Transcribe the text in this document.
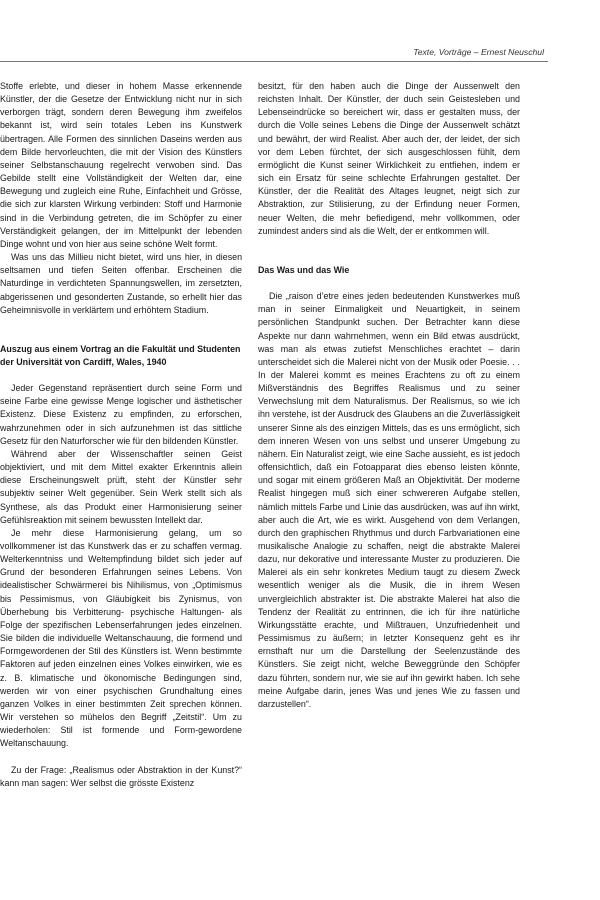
Texte, Vorträge – Ernest Neuschul

Stoffe erlebte, und dieser in hohem Masse erkennende Künstler, der die Gesetze der Entwicklung nicht nur in sich verborgen trägt, sondern deren Bewegung ihm zweifelos bekannt ist, wird sein totales Leben ins Kunstwerk übertragen. Alle Formen des sinnlichen Daseins werden aus dem Bilde hervorleuchten, die mit der Vision des Künstlers seiner Selbstanschauung regelrecht verwoben sind. Das Gebilde stellt eine Vollständigkeit der Welten dar, eine Bewegung und zugleich eine Ruhe, Einfachheit und Grösse, die sich zur klarsten Wirkung verbinden: Stoff und Harmonie sind in die Verbindung getreten, die im Schöpfer zu einer Verständigkeit gelangen, der im Mittelpunkt der lebenden Dinge wohnt und von hier aus seine schöne Welt formt.

Was uns das Millieu nicht bietet, wird uns hier, in diesen seltsamen und tiefen Seiten offenbar. Erscheinen die Naturdinge in verdichteten Spannungswellen, im zersetzten, abgerissenen und gesonderten Zustande, so erhellt hier das Geheimnisvolle in verklärtem und erhöhtem Stadium.

Auszug aus einem Vortrag an die Fakultät und Studenten der Universität von Cardiff, Wales, 1940

Jeder Gegenstand repräsentiert durch seine Form und seine Farbe eine gewisse Menge logischer und ästhetischer Existenz. Diese Existenz zu empfinden, zu erforschen, wahrzunehmen oder in sich aufzunehmen ist das sittliche Gesetz für den Naturforscher wie für den bildenden Künstler.

Während aber der Wissenschaftler seinen Geist objektiviert, und mit dem Mittel exakter Erkenntnis allein diese Erscheinungswelt prüft, steht der Künstler sehr subjektiv seiner Welt gegenüber. Sein Werk stellt sich als Synthese, als das Produkt einer Harmonisierung seiner Gefühlsreaktion mit seinem bewussten Intellekt dar.

Je mehr diese Harmonisierung gelang, um so vollkommener ist das Kunstwerk das er zu schaffen vermag. Welterkenntniss und Weltempfindung bildet sich jeder auf Grund der besonderen Erfahrungen seines Lebens. Von idealistischer Schwärmerei bis Nihilismus, von „Optimismus bis Pessimismus, von Gläubigkeit bis Zynismus, von Überhebung bis Verbitterung- psychische Haltungen- als Folge der spezifischen Lebenserfahrungen jedes einzelnen. Sie bilden die individuelle Weltanschauung, die formend und Formgewordenen der Stil des Künstlers ist. Wenn bestimmte Faktoren auf jeden einzelnen eines Volkes einwirken, wie es z. B. klimatische und ökonomische Bedingungen sind, werden wir von einer psychischen Grundhaltung eines ganzen Volkes in einer bestimmten Zeit sprechen können. Wir verstehen so müheIos den Begriff „Zeitstil“. Um zu wiederholen: Stil ist formende und Form-gewordene Weltanschauung.

Zu der Frage: „Realismus oder Abstraktion in der Kunst?“ kann man sagen: Wer selbst die grösste Existenz

besitzt, für den haben auch die Dinge der Aussenwelt den reichsten Inhalt. Der Künstler, der duch sein Geistesleben und Lebenseindrücke so bereichert wir, dass er gestalten muss, der durch die Volle seines Lebens die Dinge der Aussenwelt schätzt und bewährt, der wird Realist. Aber auch der, der leidet, der sich vor dem Leben fürchtet, der sich ausgeschlossen fühlt, dem ermöglicht die Kunst seiner Wirklichkeit zu entfiehen, indem er sich ein Ersatz für seine schlechte Erfahrungen gestaltet. Der Künstler, der die Realität des Altages leugnet, neigt sich zur Abstraktion, zur Stilisierung, zu der Erfindung neuer Formen, neuer Welten, die mehr befiedigend, mehr vollkommen, oder zumindest anders sind als die Welt, der er entkommen will.

Das Was und das Wie

Die „raison d’etre eines jeden bedeutenden Kunstwerkes muß man in seiner Einmaligkeit und Neuartigkeit, in seinem persönlichen Standpunkt suchen. Der Betrachter kann diese Aspekte nur dann wahrnehmen, wenn ein Bild etwas ausdrückt, was man als etwas zutiefst Menschliches erachtet – darin unterscheidet sich die Malerei nicht von der Musik oder Poesie. . . In der Malerei kommt es meines Erachtens zu oft zu einem Mißverständnis des Begriffes Realismus und zu seiner Verwechslung mit dem Naturalismus. Der Realismus, so wie ich ihn verstehe, ist der Ausdruck des Glaubens an die Zuverlässigkeit unserer Sinne als des einzigen Mittels, das es uns ermöglicht, sich dem inneren Wesen von uns selbst und unserer Umgebung zu nähern. Ein Naturalist zeigt, wie eine Sache aussieht, es ist jedoch offensichtlich, daß ein Fotoapparat dies ebenso leisten könnte, und sogar mit einem größeren Maß an Objektivität. Der moderne Realist hingegen muß sich einer schwereren Aufgabe stellen, nämlich mittels Farbe und Linie das ausdrücken, was auf ihn wirkt, aber auch die Art, wie es wirkt. Ausgehend von dem Verlangen, durch den graphischen Rhythmus und durch Farbvariationen eine musikalische Analogie zu schaffen, neigt die abstrakte Malerei dazu, nur dekorative und interessante Muster zu produzieren. Die Malerei als ein sehr konkretes Medium taugt zu diesem Zweck wesentlich weniger als die Musik, die in ihrem Wesen unvergleichlich abstrakter ist. Die abstrakte Malerei hat also die Tendenz der Realität zu entrinnen, die ich für ihre natürliche Wirkungsstätte erachte, und Mißtrauen, Unzufriedenheit und Pessimismus zu äußern; in letzter Konsequenz geht es ihr ernsthaft nur um die Darstellung der Seelenzustände des Künstlers. Sie zeigt nicht, welche Beweggründe den Schöpfer dazu führten, sondern nur, wie sie auf ihn gewirkt haben. Ich sehe meine Aufgabe darin, jenes Was und jenes Wie zu fassen und darzustellen“.
